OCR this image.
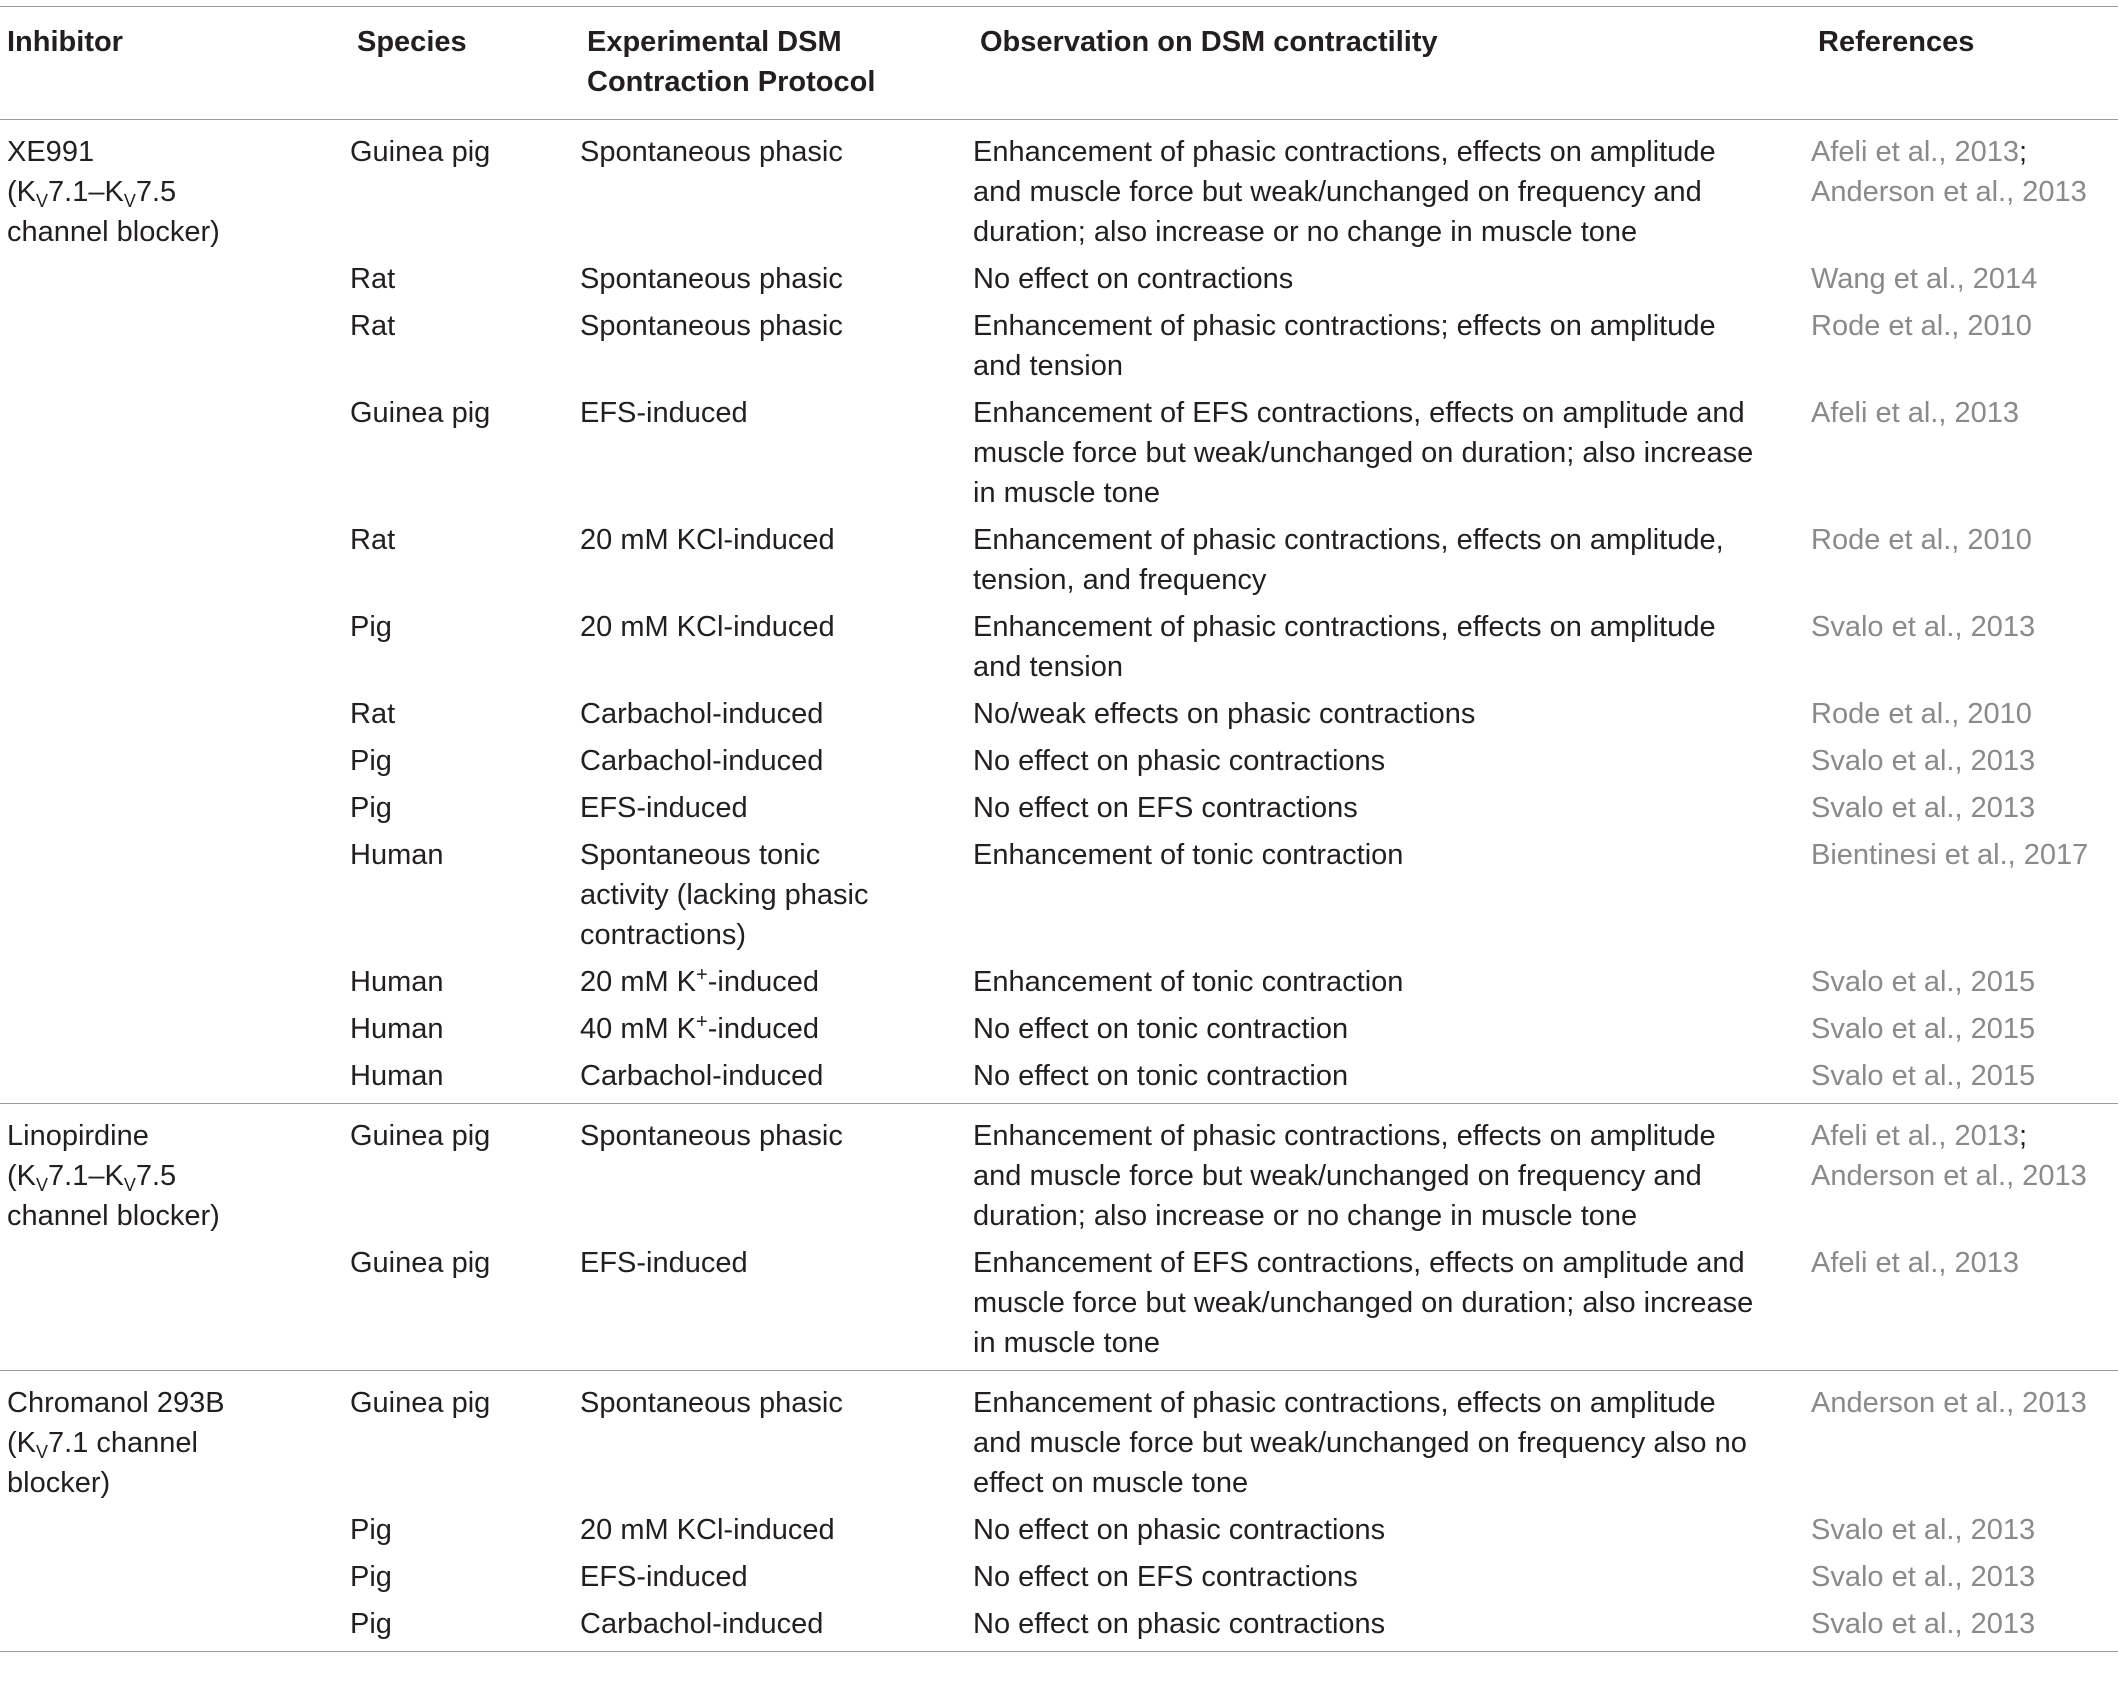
Inhibitor	Species	Experimental DSM Contraction Protocol	Observation on DSM contractility	References

XE991
($K_V7.1-K_V7.5$
channel blocker)	Guinea pig	Spontaneous phasic	Enhancement of phasic contractions, effects on amplitude and muscle force but weak/unchanged on frequency and duration; also increase or no change in muscle tone	Afeli et al., 2013;
Anderson et al., 2013

	Rat	Spontaneous phasic	No effect on contractions	Wang et al., 2014

	Rat	Spontaneous phasic	Enhancement of phasic contractions; effects on amplitude and tension	Rode et al., 2010

	Guinea pig	EFS-induced	Enhancement of EFS contractions, effects on amplitude and muscle force but weak/unchanged on duration; also increase in muscle tone	Afeli et al., 2013

	Rat	20 mM KCl-induced	Enhancement of phasic contractions, effects on amplitude, tension, and frequency	Rode et al., 2010

	Pig	20 mM KCl-induced	Enhancement of phasic contractions, effects on amplitude and tension	Svalo et al., 2013

	Rat	Carbachol-induced	No/weak effects on phasic contractions	Rode et al., 2010

	Pig	Carbachol-induced	No effect on phasic contractions	Svalo et al., 2013

	Pig	EFS-induced	No effect on EFS contractions	Svalo et al., 2013

	Human	Spontaneous tonic activity (lacking phasic contractions)	Enhancement of tonic contraction	Bientinesi et al., 2017

	Human	20 mM K+-induced	Enhancement of tonic contraction	Svalo et al., 2015

	Human	40 mM K+-induced	No effect on tonic contraction	Svalo et al., 2015

	Human	Carbachol-induced	No effect on tonic contraction	Svalo et al., 2015

Linopirdine
($K_V7.1-K_V7.5$
channel blocker)	Guinea pig	Spontaneous phasic	Enhancement of phasic contractions, effects on amplitude and muscle force but weak/unchanged on frequency and duration; also increase or no change in muscle tone	Afeli et al., 2013;
Anderson et al., 2013

	Guinea pig	EFS-induced	Enhancement of EFS contractions, effects on amplitude and muscle force but weak/unchanged on duration; also increase in muscle tone	Afeli et al., 2013

Chromanol 293B
($K_V7.1$ channel
blocker)	Guinea pig	Spontaneous phasic	Enhancement of phasic contractions, effects on amplitude and muscle force but weak/unchanged on frequency also no effect on muscle tone	Anderson et al., 2013

	Pig	20 mM KCl-induced	No effect on phasic contractions	Svalo et al., 2013

	Pig	EFS-induced	No effect on EFS contractions	Svalo et al., 2013

	Pig	Carbachol-induced	No effect on phasic contractions	Svalo et al., 2013
